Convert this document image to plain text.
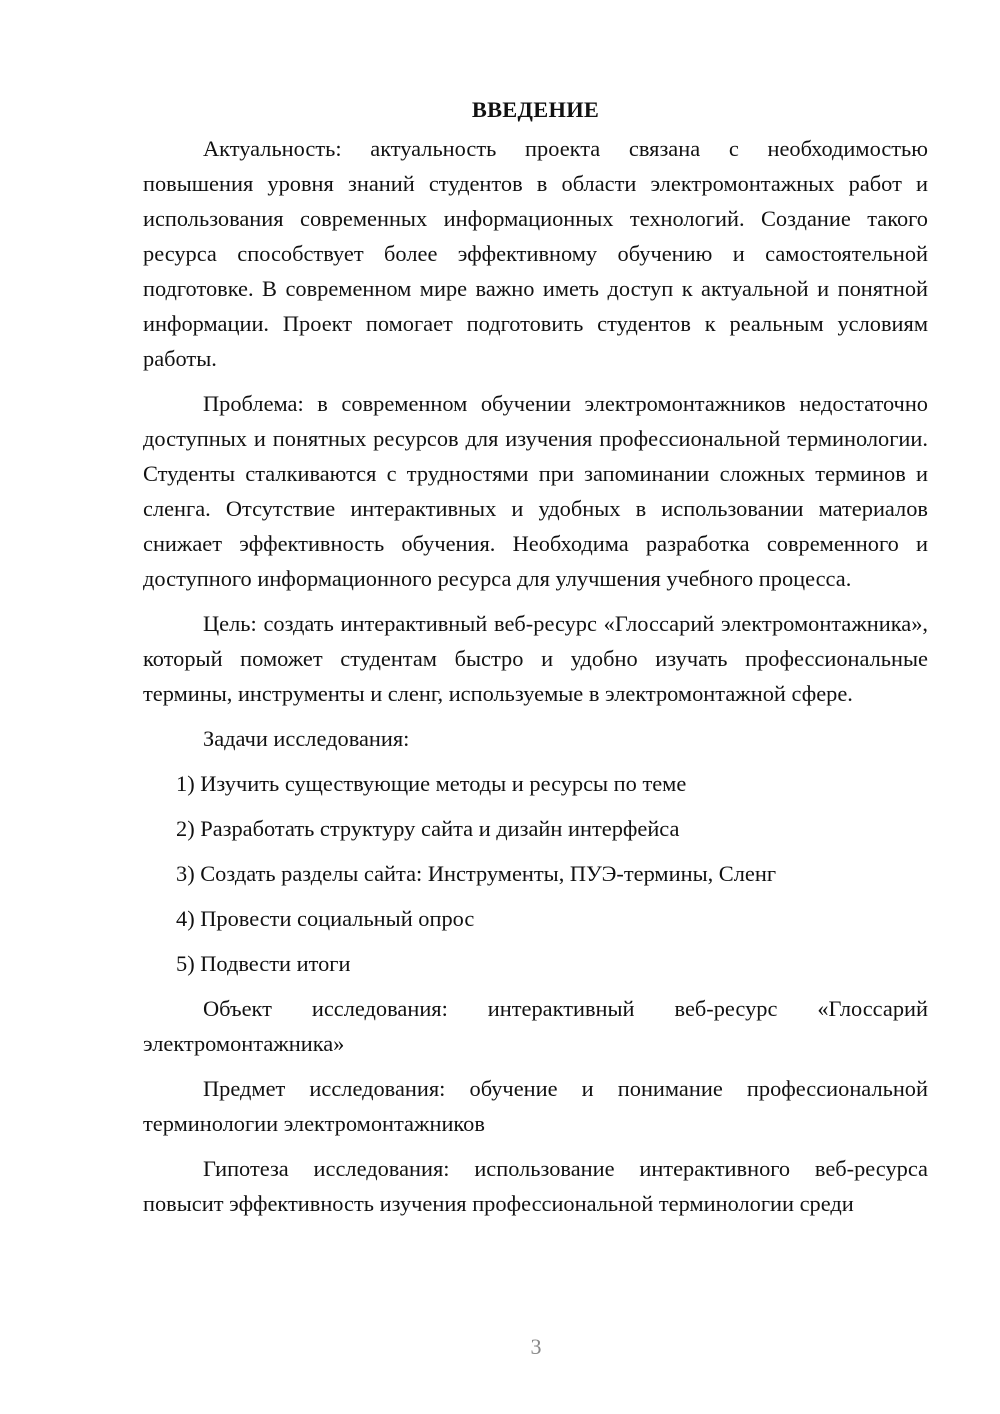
ВВЕДЕНИЕ

Актуальность: актуальность проекта связана с необходимостью повышения уровня знаний студентов в области электромонтажных работ и использования современных информационных технологий. Создание такого ресурса способствует более эффективному обучению и самостоятельной подготовке. В современном мире важно иметь доступ к актуальной и понятной информации. Проект помогает подготовить студентов к реальным условиям работы.

Проблема: в современном обучении электромонтажников недостаточно доступных и понятных ресурсов для изучения профессиональной терминологии. Студенты сталкиваются с трудностями при запоминании сложных терминов и сленга. Отсутствие интерактивных и удобных в использовании материалов снижает эффективность обучения. Необходима разработка современного и доступного информационного ресурса для улучшения учебного процесса.

Цель: создать интерактивный веб-ресурс «Глоссарий электромонтажника», который поможет студентам быстро и удобно изучать профессиональные термины, инструменты и сленг, используемые в электромонтажной сфере.

Задачи исследования:

1) Изучить существующие методы и ресурсы по теме
2) Разработать структуру сайта и дизайн интерфейса
3) Создать разделы сайта: Инструменты, ПУЭ-термины, Сленг
4) Провести социальный опрос
5) Подвести итоги

Объект исследования: интерактивный веб-ресурс «Глоссарий электромонтажника»

Предмет исследования: обучение и понимание профессиональной терминологии электромонтажников

Гипотеза исследования: использование интерактивного веб-ресурса повысит эффективность изучения профессиональной терминологии среди

3
